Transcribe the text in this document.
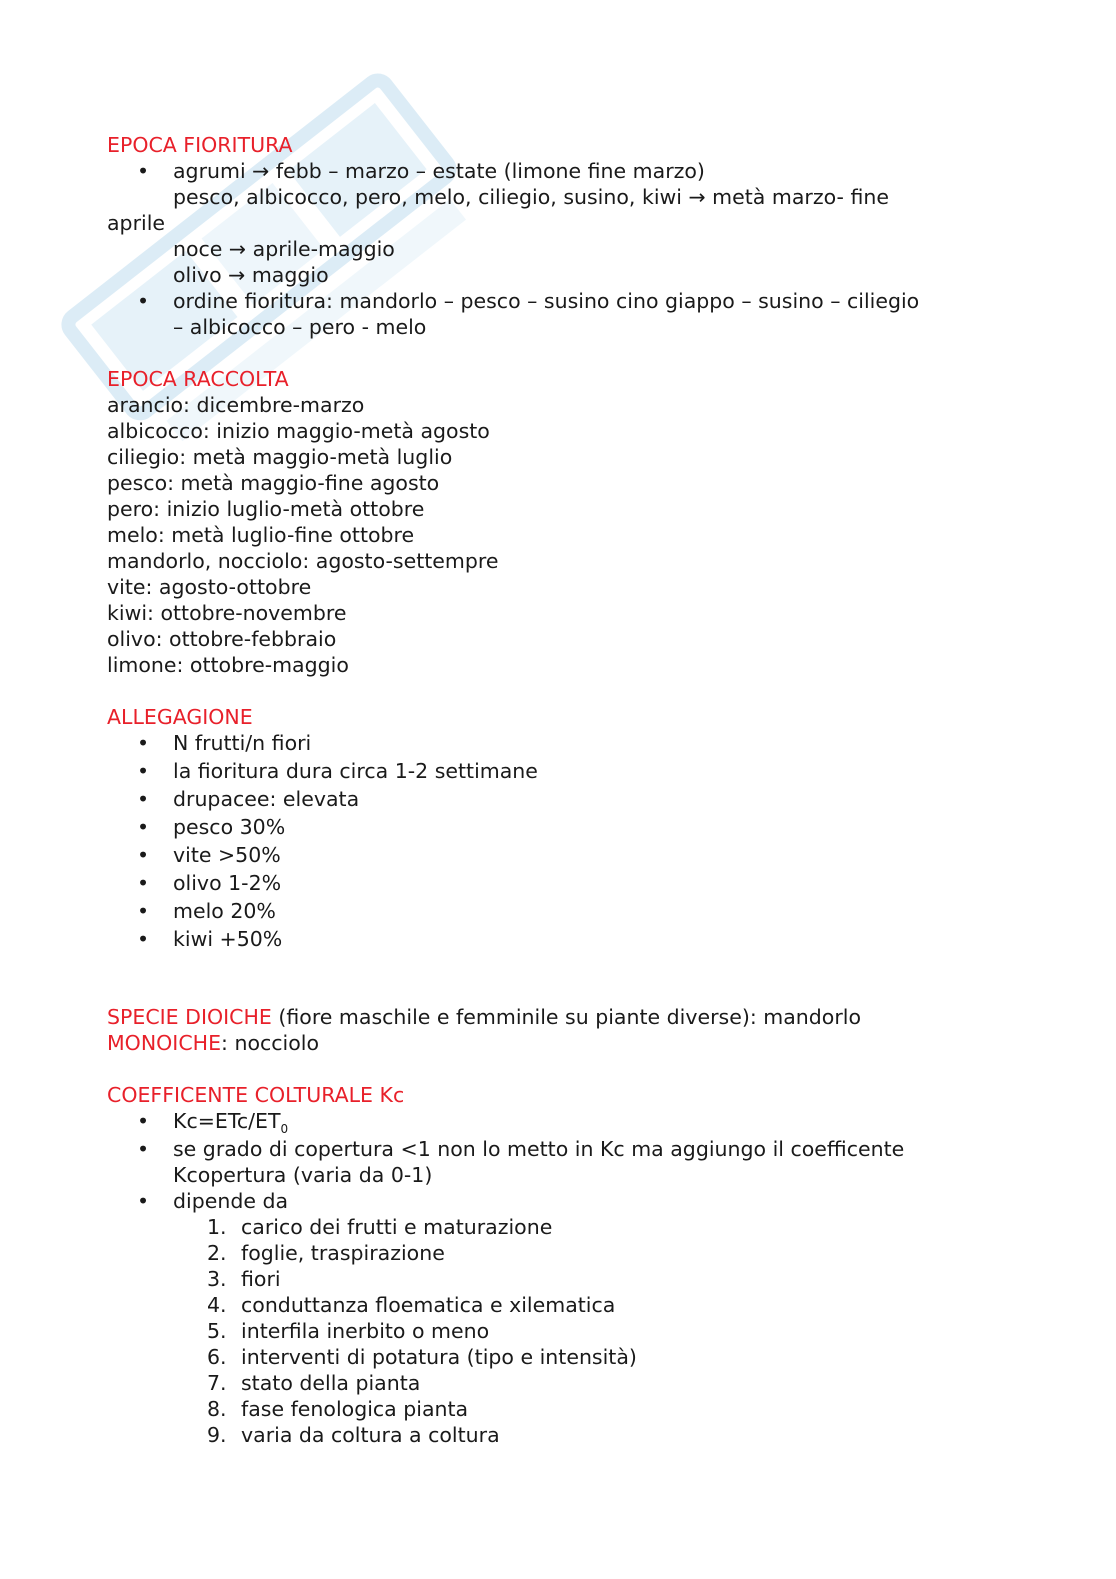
EPOCA FIORITURA
• agrumi → febb – marzo – estate (limone fine marzo)
pesco, albicocco, pero, melo, ciliegio, susino, kiwi → metà marzo- fine
aprile
noce → aprile-maggio
olivo → maggio
• ordine fioritura: mandorlo – pesco – susino cino giappo – susino – ciliegio
– albicocco – pero - melo
EPOCA RACCOLTA
arancio: dicembre-marzo
albicocco: inizio maggio-metà agosto
ciliegio: metà maggio-metà luglio
pesco: metà maggio-fine agosto
pero: inizio luglio-metà ottobre
melo: metà luglio-fine ottobre
mandorlo, nocciolo: agosto-settempre
vite: agosto-ottobre
kiwi: ottobre-novembre
olivo: ottobre-febbraio
limone: ottobre-maggio
ALLEGAGIONE
• N frutti/n fiori
• la fioritura dura circa 1-2 settimane
• drupacee: elevata
• pesco 30%
• vite >50%
• olivo 1-2%
• melo 20%
• kiwi +50%
SPECIE DIOICHE (fiore maschile e femminile su piante diverse): mandorlo
MONOICHE: nocciolo
COEFFICENTE COLTURALE Kc
• $Kc=ETc/ET_0$
• se grado di copertura <1 non lo metto in Kc ma aggiungo il coefficente
Kcopertura (varia da 0-1)
• dipende da
1. carico dei frutti e maturazione
2. foglie, traspirazione
3. fiori
4. conduttanza floematica e xilematica
5. interfila inerbito o meno
6. interventi di potatura (tipo e intensità)
7. stato della pianta
8. fase fenologica pianta
9. varia da coltura a coltura
